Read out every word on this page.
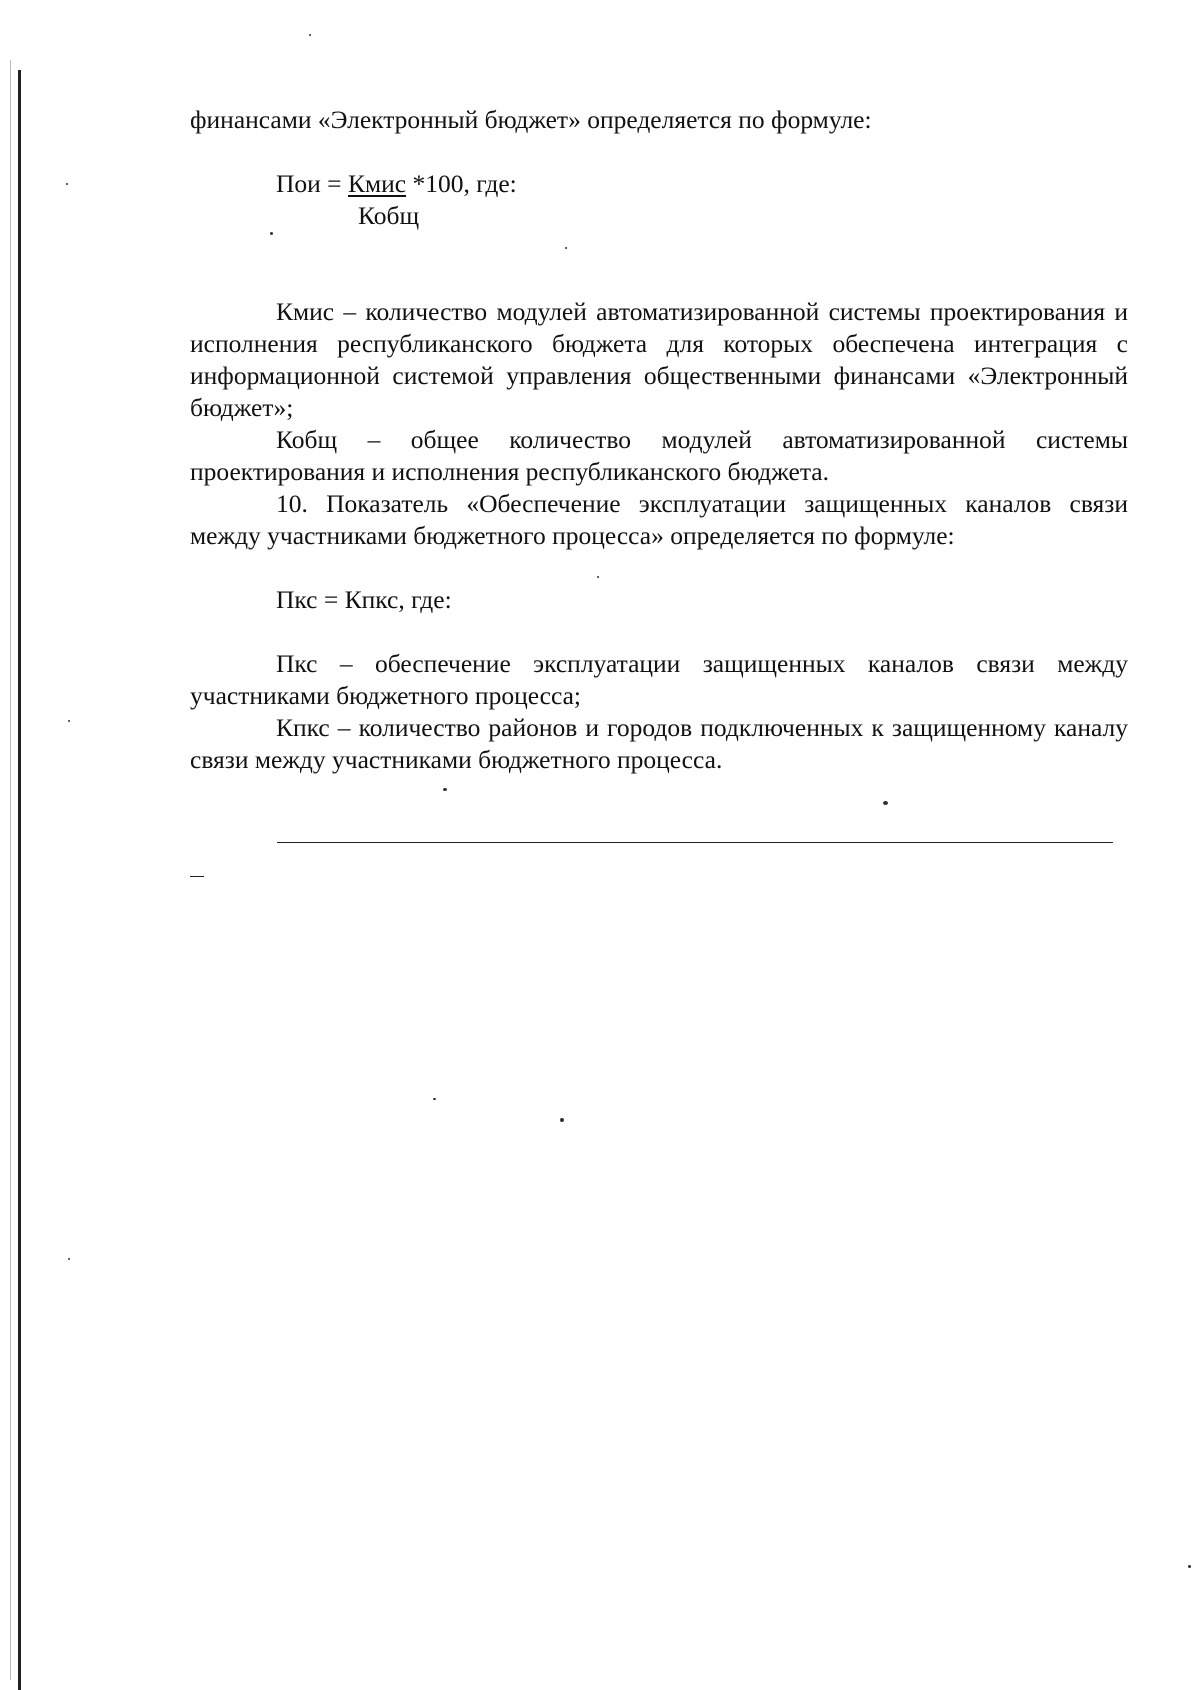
финансами «Электронный бюджет» определяется по формуле:

Пои = Кмис *100, где:
Кобщ

Кмис – количество модулей автоматизированной системы проектирования и исполнения республиканского бюджета для которых обеспечена интеграция с информационной системой управления общественными финансами «Электронный бюджет»;

Кобщ – общее количество модулей автоматизированной системы проектирования и исполнения республиканского бюджета.

10. Показатель «Обеспечение эксплуатации защищенных каналов связи между участниками бюджетного процесса» определяется по формуле:

Пкс = Кпкс, где:

Пкс – обеспечение эксплуатации защищенных каналов связи между участниками бюджетного процесса;

Кпкс – количество районов и городов подключенных к защищенному каналу связи между участниками бюджетного процесса.
